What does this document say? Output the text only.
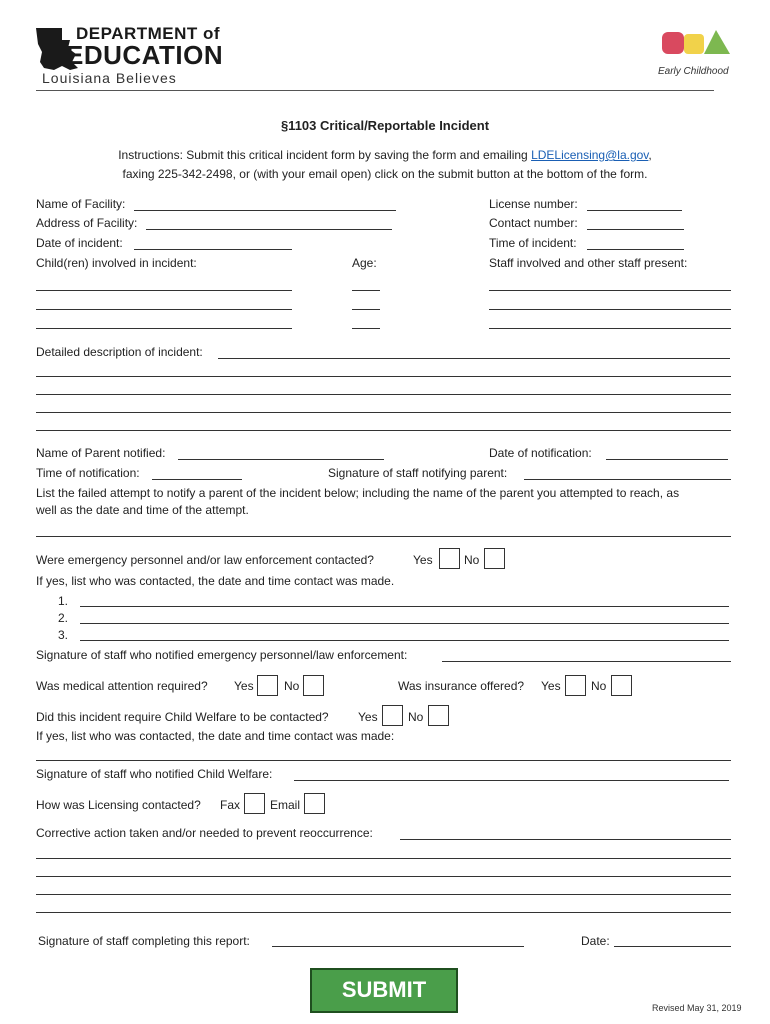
DEPARTMENT of
EDUCATION
Louisiana Believes	Early Childhood
§1103 Critical/Reportable Incident
Instructions: Submit this critical incident form by saving the form and emailing LDELicensing@la.gov,
faxing 225-342-2498, or (with your email open) click on the submit button at the bottom of the form.
Name of Facility:
Address of Facility:
Date of incident:
Child(ren) involved in incident:	Age:
License number:
Contact number:
Time of incident:
Staff involved and other staff present:
Detailed description of incident:
Name of Parent notified:	Date of notification:
Time of notification:	Signature of staff notifying parent:
List the failed attempt to notify a parent of the incident below; including the name of the parent you attempted to reach, as
well as the date and time of the attempt.
Were emergency personnel and/or law enforcement contacted?	Yes	No
If yes, list who was contacted, the date and time contact was made.
1.
2.
3.
Signature of staff who notified emergency personnel/law enforcement:
Was medical attention required? Yes	No	Was insurance offered? Yes	No
Did this incident require Child Welfare to be contacted? Yes	No
If yes, list who was contacted, the date and time contact was made:
Signature of staff who notified Child Welfare:
How was Licensing contacted? Fax Email
Corrective action taken and/or needed to prevent reoccurrence:
Signature of staff completing this report:	Date:
SUBMIT
Revised May 31, 2019
